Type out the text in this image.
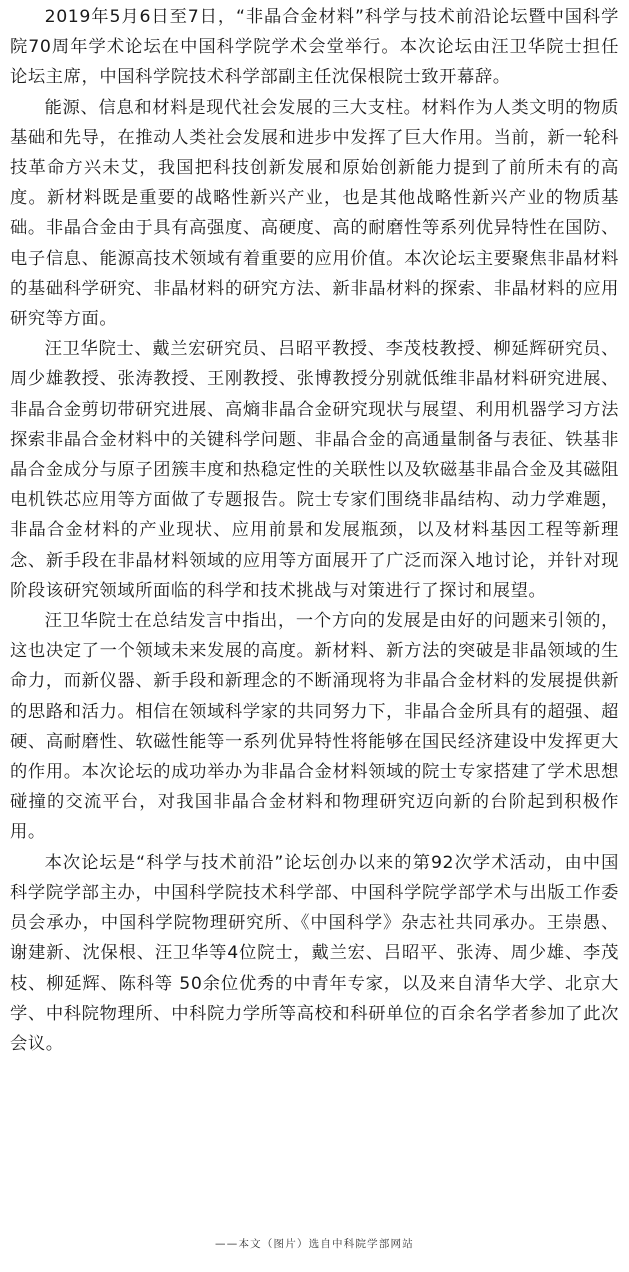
2019年5月6日至7日，“非晶合金材料”科学与技术前沿论坛暨中国科学院70周年学术论坛在中国科学院学术会堂举行。本次论坛由汪卫华院士担任论坛主席，中国科学院技术科学部副主任沈保根院士致开幕辞。

能源、信息和材料是现代社会发展的三大支柱。材料作为人类文明的物质基础和先导，在推动人类社会发展和进步中发挥了巨大作用。当前，新一轮科技革命方兴未艾，我国把科技创新发展和原始创新能力提到了前所未有的高度。新材料既是重要的战略性新兴产业，也是其他战略性新兴产业的物质基础。非晶合金由于具有高强度、高硬度、高的耐磨性等系列优异特性在国防、电子信息、能源高技术领域有着重要的应用价值。本次论坛主要聚焦非晶材料的基础科学研究、非晶材料的研究方法、新非晶材料的探索、非晶材料的应用研究等方面。

汪卫华院士、戴兰宏研究员、吕昭平教授、李茂枝教授、柳延辉研究员、周少雄教授、张涛教授、王刚教授、张博教授分别就低维非晶材料研究进展、非晶合金剪切带研究进展、高熵非晶合金研究现状与展望、利用机器学习方法探索非晶合金材料中的关键科学问题、非晶合金的高通量制备与表征、铁基非晶合金成分与原子团簇丰度和热稳定性的关联性以及软磁基非晶合金及其磁阻电机铁芯应用等方面做了专题报告。院士专家们围绕非晶结构、动力学难题，非晶合金材料的产业现状、应用前景和发展瓶颈，以及材料基因工程等新理念、新手段在非晶材料领域的应用等方面展开了广泛而深入地讨论，并针对现阶段该研究领域所面临的科学和技术挑战与对策进行了探讨和展望。

汪卫华院士在总结发言中指出，一个方向的发展是由好的问题来引领的，这也决定了一个领域未来发展的高度。新材料、新方法的突破是非晶领域的生命力，而新仪器、新手段和新理念的不断涌现将为非晶合金材料的发展提供新的思路和活力。相信在领域科学家的共同努力下，非晶合金所具有的超强、超硬、高耐磨性、软磁性能等一系列优异特性将能够在国民经济建设中发挥更大的作用。本次论坛的成功举办为非晶合金材料领域的院士专家搭建了学术思想碰撞的交流平台，对我国非晶合金材料和物理研究迈向新的台阶起到积极作用。

本次论坛是“科学与技术前沿”论坛创办以来的第92次学术活动，由中国科学院学部主办，中国科学院技术科学部、中国科学院学部学术与出版工作委员会承办，中国科学院物理研究所、《中国科学》杂志社共同承办。王崇愚、谢建新、沈保根、汪卫华等4位院士，戴兰宏、吕昭平、张涛、周少雄、李茂枝、柳延辉、陈科等 50余位优秀的中青年专家，以及来自清华大学、北京大学、中科院物理所、中科院力学所等高校和科研单位的百余名学者参加了此次会议。

——本文（图片）选自中科院学部网站
